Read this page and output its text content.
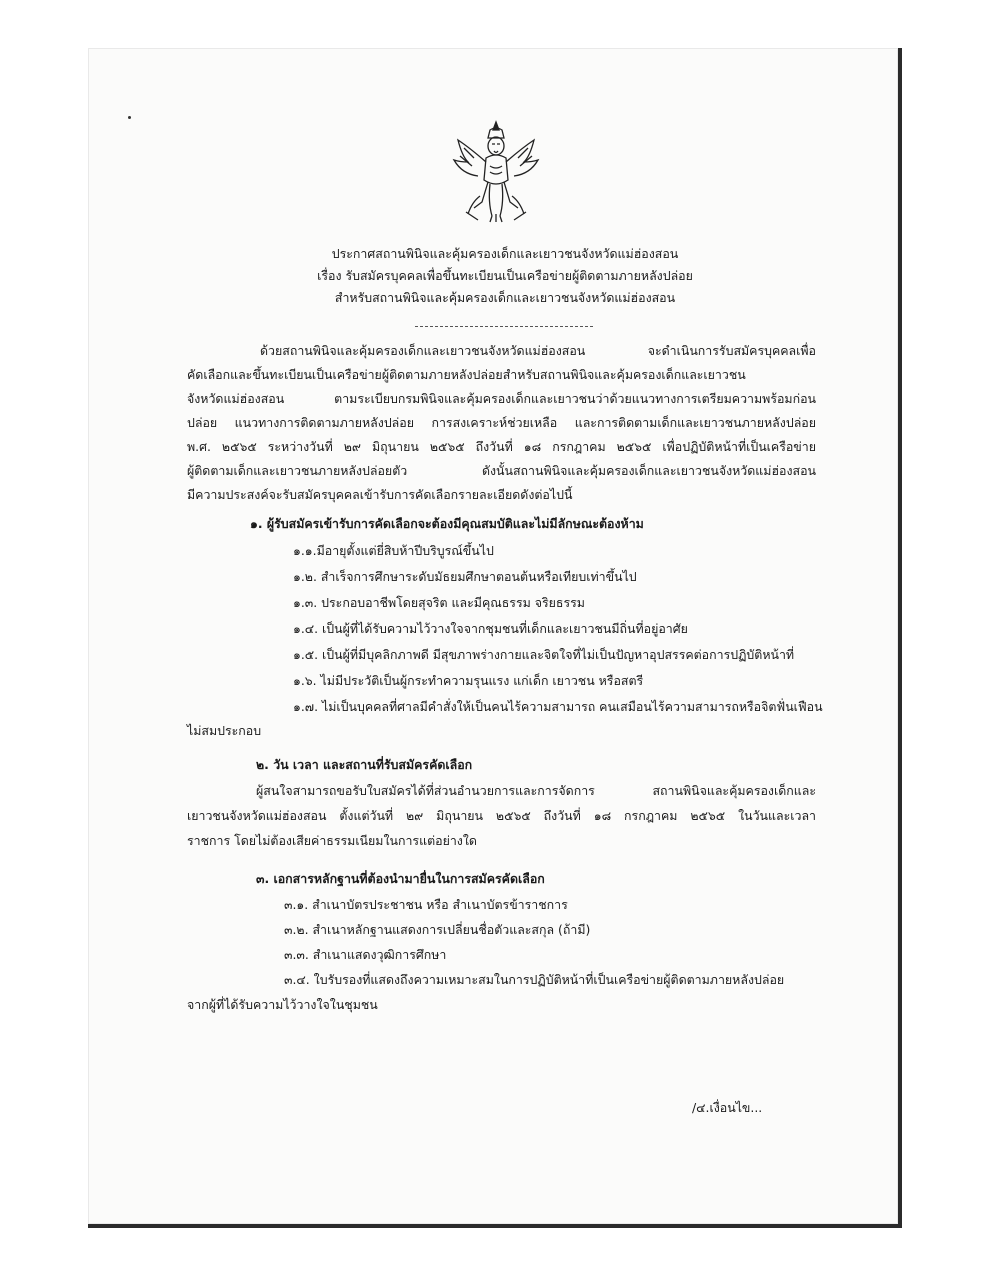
ประกาศสถานพินิจและคุ้มครองเด็กและเยาวชนจังหวัดแม่ฮ่องสอน
เรื่อง รับสมัครบุคคลเพื่อขึ้นทะเบียนเป็นเครือข่ายผู้ติดตามภายหลังปล่อย
สำหรับสถานพินิจและคุ้มครองเด็กและเยาวชนจังหวัดแม่ฮ่องสอน
ด้วยสถานพินิจและคุ้มครองเด็กและเยาวชนจังหวัดแม่ฮ่องสอน จะดำเนินการรับสมัครบุคคลเพื่อ
คัดเลือกและขึ้นทะเบียนเป็นเครือข่ายผู้ติดตามภายหลังปล่อยสำหรับสถานพินิจและคุ้มครองเด็กและเยาวชน
จังหวัดแม่ฮ่องสอน ตามระเบียบกรมพินิจและคุ้มครองเด็กและเยาวชนว่าด้วยแนวทางการเตรียมความพร้อมก่อน
ปล่อย แนวทางการติดตามภายหลังปล่อย การสงเคราะห์ช่วยเหลือ และการติดตามเด็กและเยาวชนภายหลังปล่อย
พ.ศ. ๒๕๖๕ ระหว่างวันที่ ๒๙ มิถุนายน ๒๕๖๕ ถึงวันที่ ๑๘ กรกฎาคม ๒๕๖๕ เพื่อปฏิบัติหน้าที่เป็นเครือข่าย
ผู้ติดตามเด็กและเยาวชนภายหลังปล่อยตัว ดังนั้นสถานพินิจและคุ้มครองเด็กและเยาวชนจังหวัดแม่ฮ่องสอน
มีความประสงค์จะรับสมัครบุคคลเข้ารับการคัดเลือกรายละเอียดดังต่อไปนี้
๑. ผู้รับสมัครเข้ารับการคัดเลือกจะต้องมีคุณสมบัติและไม่มีลักษณะต้องห้าม
๑.๑.มีอายุตั้งแต่ยี่สิบห้าปีบริบูรณ์ขึ้นไป
๑.๒. สำเร็จการศึกษาระดับมัธยมศึกษาตอนต้นหรือเทียบเท่าขึ้นไป
๑.๓. ประกอบอาชีพโดยสุจริต และมีคุณธรรม จริยธรรม
๑.๔. เป็นผู้ที่ได้รับความไว้วางใจจากชุมชนที่เด็กและเยาวชนมีถิ่นที่อยู่อาศัย
๑.๕. เป็นผู้ที่มีบุคลิกภาพดี มีสุขภาพร่างกายและจิตใจที่ไม่เป็นปัญหาอุปสรรคต่อการปฏิบัติหน้าที่
๑.๖. ไม่มีประวัติเป็นผู้กระทำความรุนแรง แก่เด็ก เยาวชน หรือสตรี
๑.๗. ไม่เป็นบุคคลที่ศาลมีคำสั่งให้เป็นคนไร้ความสามารถ คนเสมือนไร้ความสามารถหรือจิตฟั่นเฟือน
ไม่สมประกอบ
๒. วัน เวลา และสถานที่รับสมัครคัดเลือก
ผู้สนใจสามารถขอรับใบสมัครได้ที่ส่วนอำนวยการและการจัดการ สถานพินิจและคุ้มครองเด็กและ
เยาวชนจังหวัดแม่ฮ่องสอน ตั้งแต่วันที่ ๒๙ มิถุนายน ๒๕๖๕ ถึงวันที่ ๑๘ กรกฎาคม ๒๕๖๕ ในวันและเวลา
ราชการ โดยไม่ต้องเสียค่าธรรมเนียมในการแต่อย่างใด
๓. เอกสารหลักฐานที่ต้องนำมายื่นในการสมัครคัดเลือก
๓.๑. สำเนาบัตรประชาชน หรือ สำเนาบัตรข้าราชการ
๓.๒. สำเนาหลักฐานแสดงการเปลี่ยนชื่อตัวและสกุล (ถ้ามี)
๓.๓. สำเนาแสดงวุฒิการศึกษา
๓.๔. ใบรับรองที่แสดงถึงความเหมาะสมในการปฏิบัติหน้าที่เป็นเครือข่ายผู้ติดตามภายหลังปล่อย
จากผู้ที่ได้รับความไว้วางใจในชุมชน
/๔.เงื่อนไข...
